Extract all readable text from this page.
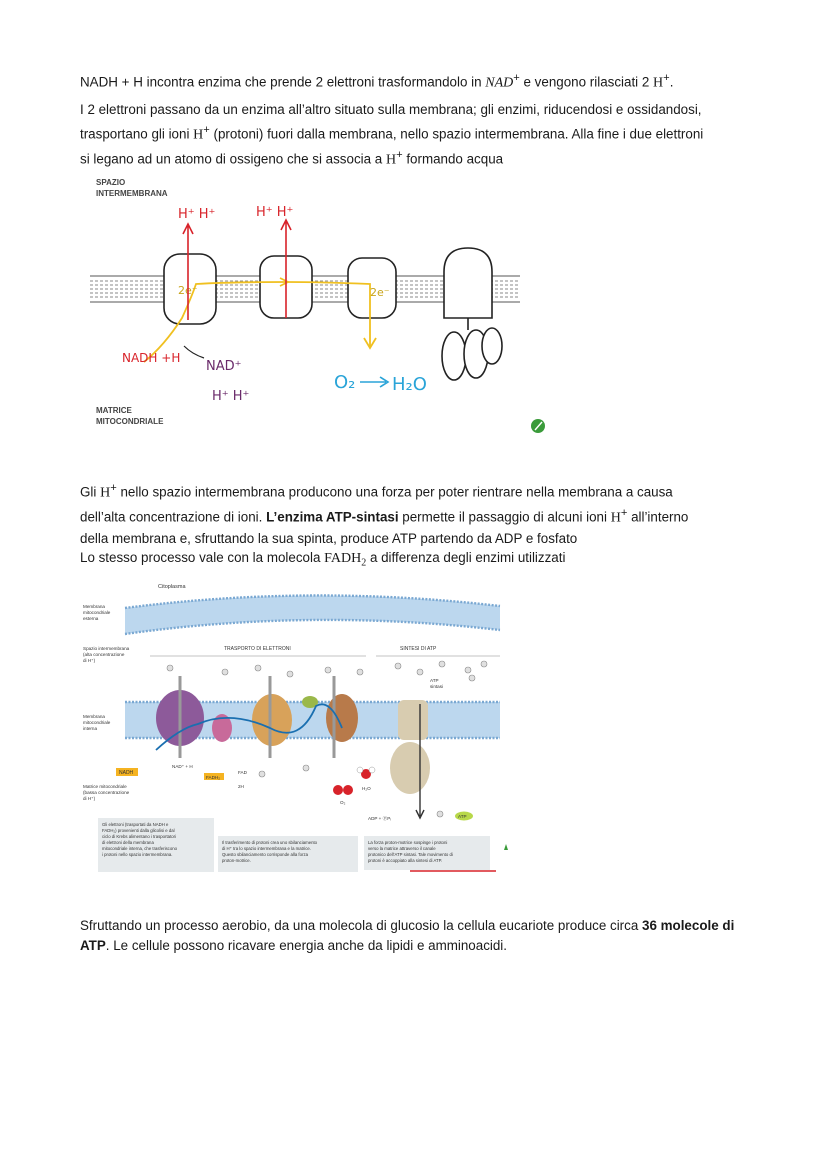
NADH + H incontra enzima che prende 2 elettroni trasformandolo in NAD+ e vengono rilasciati 2 H+.

I 2 elettroni passano da un enzima all’altro situato sulla membrana; gli enzimi, riducendosi e ossidandosi,
trasportano gli ioni H+ (protoni) fuori dalla membrana, nello spazio intermembrana. Alla fine i due elettroni
si legano ad un atomo di ossigeno che si associa a H+ formando acqua
SPAZIO
INTERMEMBRANA
MATRICE
MITOCONDRIALE
2e⁻	2e⁻
H⁺ H⁺	H⁺ H⁺
NADH +H
NAD⁺
H⁺ H⁺
O₂ H₂O
Gli H+ nello spazio intermembrana producono una forza per poter rientrare nella membrana a causa
dell’alta concentrazione di ioni. L’enzima ATP-sintasi permette il passaggio di alcuni ioni H+ all’interno
della membrana e, sfruttando la sua spinta, produce ATP partendo da ADP e fosfato

Lo stesso processo vale con la molecola $FADH_2$ a differenza degli enzimi utilizzati

Citoplasma
Membrana
mitocondriale
esterna
Spazio intermembrana
(alta concentrazione
di H⁺)
TRASPORTO DI ELETTRONI	SINTESI DI ATP
Membrana
mitocondriale
interna
ATP
sintasi
NADH
NAD⁺ + H
FADH₂
FAD
2H
O₂
H₂O
ADP + ⓅPᵢ	ATP
Matrice mitocondriale
(bassa concentrazione
di H⁺)
Gli elettroni (trasportati da NADH e
FADH₂) provenienti dalla glicolisi e dal
ciclo di Krebs alimentano i trasportatori
di elettroni della membrana
mitocondriale interna, che trasferiscono
i protoni nello spazio intermembrana.
Il trasferimento di protoni crea uno sbilanciamento
di H⁺ tra lo spazio intermembrana e la matrice.
Questo sbilanciamento corrisponde alla forza
proton-motrice.
La forza proton-motrice sospinge i protoni
verso la matrice attraverso il canale
protonico dell’ATP sintasi. Tale movimento di
protoni è accoppiato alla sintesi di ATP.
Sfruttando un processo aerobio, da una molecola di glucosio la cellula eucariote produce circa 36 molecole di ATP. Le cellule possono ricavare energia anche da lipidi e amminoacidi.
